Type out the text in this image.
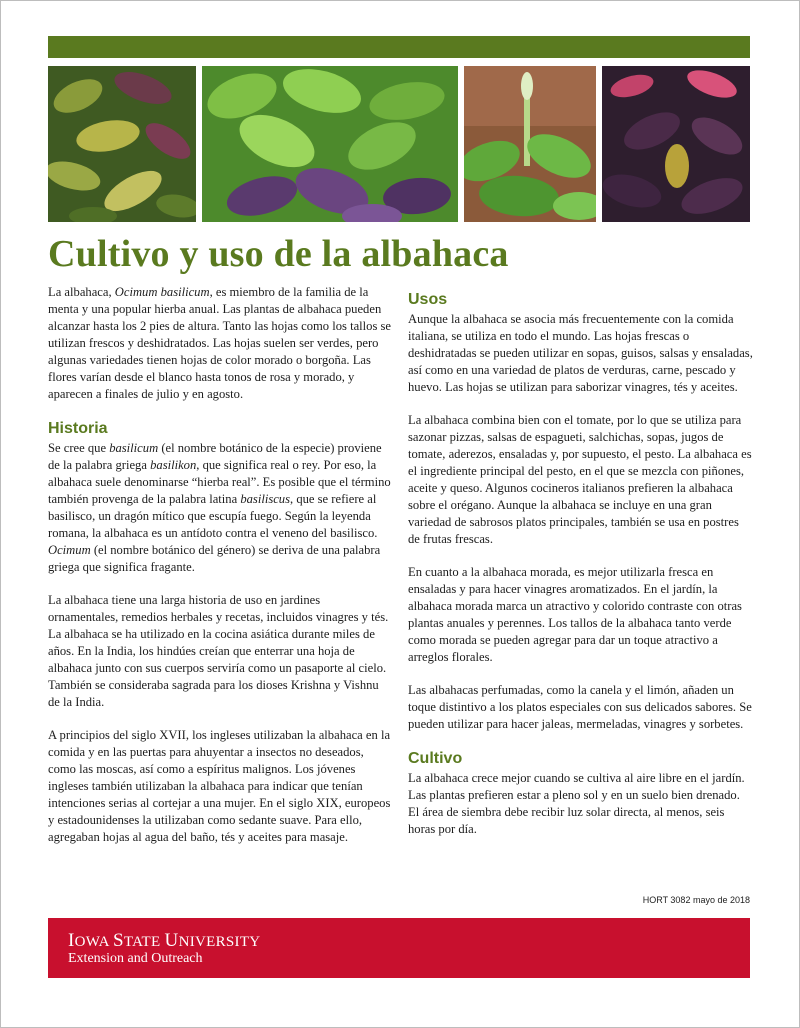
Cultivo y uso de la albahaca

La albahaca, Ocimum basilicum, es miembro de la familia de la menta y una popular hierba anual. Las plantas de albahaca pueden alcanzar hasta los 2 pies de altura. Tanto las hojas como los tallos se utilizan frescos y deshidratados. Las hojas suelen ser verdes, pero algunas variedades tienen hojas de color morado o borgoña. Las flores varían desde el blanco hasta tonos de rosa y morado, y aparecen a finales de julio y en agosto.

Historia

Se cree que basilicum (el nombre botánico de la especie) proviene de la palabra griega basilikon, que significa real o rey. Por eso, la albahaca suele denominarse “hierba real”. Es posible que el término también provenga de la palabra latina basiliscus, que se refiere al basilisco, un dragón mítico que escupía fuego. Según la leyenda romana, la albahaca es un antídoto contra el veneno del basilisco. Ocimum (el nombre botánico del género) se deriva de una palabra griega que significa fragante.

La albahaca tiene una larga historia de uso en jardines ornamentales, remedios herbales y recetas, incluidos vinagres y tés. La albahaca se ha utilizado en la cocina asiática durante miles de años. En la India, los hindúes creían que enterrar una hoja de albahaca junto con sus cuerpos serviría como un pasaporte al cielo. También se consideraba sagrada para los dioses Krishna y Vishnu de la India.

A principios del siglo XVII, los ingleses utilizaban la albahaca en la comida y en las puertas para ahuyentar a insectos no deseados, como las moscas, así como a espíritus malignos. Los jóvenes ingleses también utilizaban la albahaca para indicar que tenían intenciones serias al cortejar a una mujer. En el siglo XIX, europeos y estadounidenses la utilizaban como sedante suave. Para ello, agregaban hojas al agua del baño, tés y aceites para masaje.

Usos

Aunque la albahaca se asocia más frecuentemente con la comida italiana, se utiliza en todo el mundo. Las hojas frescas o deshidratadas se pueden utilizar en sopas, guisos, salsas y ensaladas, así como en una variedad de platos de verduras, carne, pescado y huevo. Las hojas se utilizan para saborizar vinagres, tés y aceites.

La albahaca combina bien con el tomate, por lo que se utiliza para sazonar pizzas, salsas de espagueti, salchichas, sopas, jugos de tomate, aderezos, ensaladas y, por supuesto, el pesto. La albahaca es el ingrediente principal del pesto, en el que se mezcla con piñones, aceite y queso. Algunos cocineros italianos prefieren la albahaca sobre el orégano. Aunque la albahaca se incluye en una gran variedad de sabrosos platos principales, también se usa en postres de frutas frescas.

En cuanto a la albahaca morada, es mejor utilizarla fresca en ensaladas y para hacer vinagres aromatizados. En el jardín, la albahaca morada marca un atractivo y colorido contraste con otras plantas anuales y perennes. Los tallos de la albahaca tanto verde como morada se pueden agregar para dar un toque atractivo a arreglos florales.

Las albahacas perfumadas, como la canela y el limón, añaden un toque distintivo a los platos especiales con sus delicados sabores. Se pueden utilizar para hacer jaleas, mermeladas, vinagres y sorbetes.

Cultivo

La albahaca crece mejor cuando se cultiva al aire libre en el jardín. Las plantas prefieren estar a pleno sol y en un suelo bien drenado. El área de siembra debe recibir luz solar directa, al menos, seis horas por día.

HORT 3082 mayo de 2018
IOWA STATE UNIVERSITY
Extension and Outreach
